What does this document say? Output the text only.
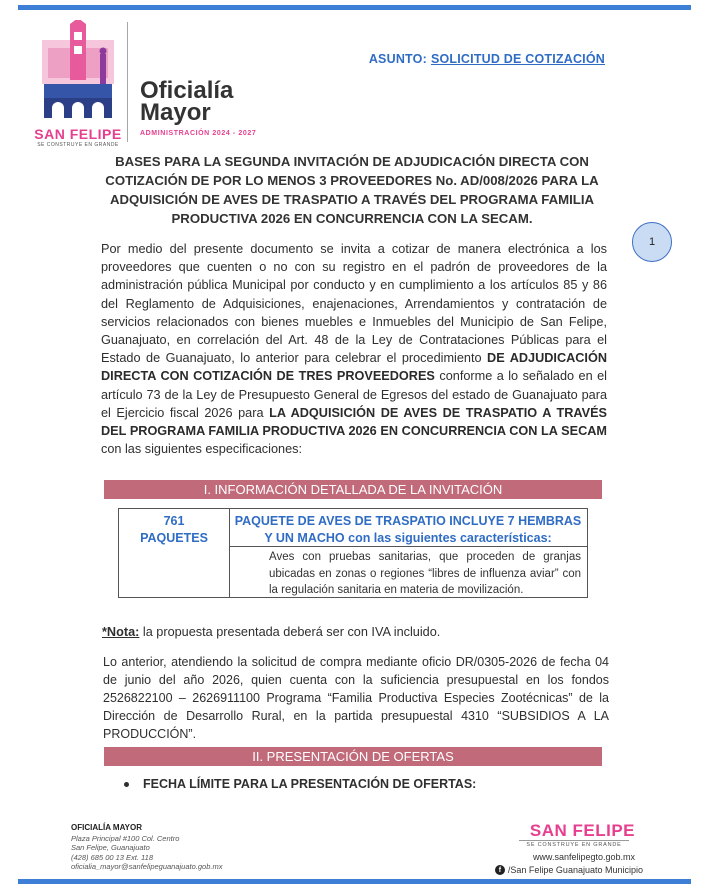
SAN FELIPE
SE CONSTRUYE EN GRANDE
Oficialía
Mayor
ADMINISTRACIÓN 2024 - 2027
ASUNTO: SOLICITUD DE COTIZACIÓN
BASES PARA LA SEGUNDA INVITACIÓN DE ADJUDICACIÓN DIRECTA CON COTIZACIÓN DE POR LO MENOS 3 PROVEEDORES No. AD/008/2026 PARA LA ADQUISICIÓN DE AVES DE TRASPATIO A TRAVÉS DEL PROGRAMA FAMILIA PRODUCTIVA 2026 EN CONCURRENCIA CON LA SECAM.
1
Por medio del presente documento se invita a cotizar de manera electrónica a los proveedores que cuenten o no con su registro en el padrón de proveedores de la administración pública Municipal por conducto y en cumplimiento a los artículos 85 y 86 del Reglamento de Adquisiciones, enajenaciones, Arrendamientos y contratación de servicios relacionados con bienes muebles e Inmuebles del Municipio de San Felipe, Guanajuato, en correlación del Art. 48 de la Ley de Contrataciones Públicas para el Estado de Guanajuato, lo anterior para celebrar el procedimiento DE ADJUDICACIÓN DIRECTA CON COTIZACIÓN DE TRES PROVEEDORES conforme a lo señalado en el artículo 73 de la Ley de Presupuesto General de Egresos del estado de Guanajuato para el Ejercicio fiscal 2026 para LA ADQUISICIÓN DE AVES DE TRASPATIO A TRAVÉS DEL PROGRAMA FAMILIA PRODUCTIVA 2026 EN CONCURRENCIA CON LA SECAM con las siguientes especificaciones:
I. INFORMACIÓN DETALLADA DE LA INVITACIÓN
761
PAQUETES
PAQUETE DE AVES DE TRASPATIO INCLUYE 7 HEMBRAS
Y UN MACHO con las siguientes características:
Aves con pruebas sanitarias, que proceden de granjas ubicadas en zonas o regiones “libres de influenza aviar” con la regulación sanitaria en materia de movilización.
*Nota: la propuesta presentada deberá ser con IVA incluido.
Lo anterior, atendiendo la solicitud de compra mediante oficio DR/0305-2026 de fecha 04 de junio del año 2026, quien cuenta con la suficiencia presupuestal en los fondos 2526822100 – 2626911100 Programa “Familia Productiva Especies Zootécnicas” de la Dirección de Desarrollo Rural, en la partida presupuestal 4310 “SUBSIDIOS A LA PRODUCCIÓN”.
II. PRESENTACIÓN DE OFERTAS
FECHA LÍMITE PARA LA PRESENTACIÓN DE OFERTAS:
OFICIALÍA MAYOR
Plaza Principal #100 Col. Centro
San Felipe, Guanajuato
(428) 685 00 13 Ext. 118
oficialia_mayor@sanfelipeguanajuato.gob.mx
SAN FELIPE
SE CONSTRUYE EN GRANDE
www.sanfelipegto.gob.mx
f /San Felipe Guanajuato Municipio
